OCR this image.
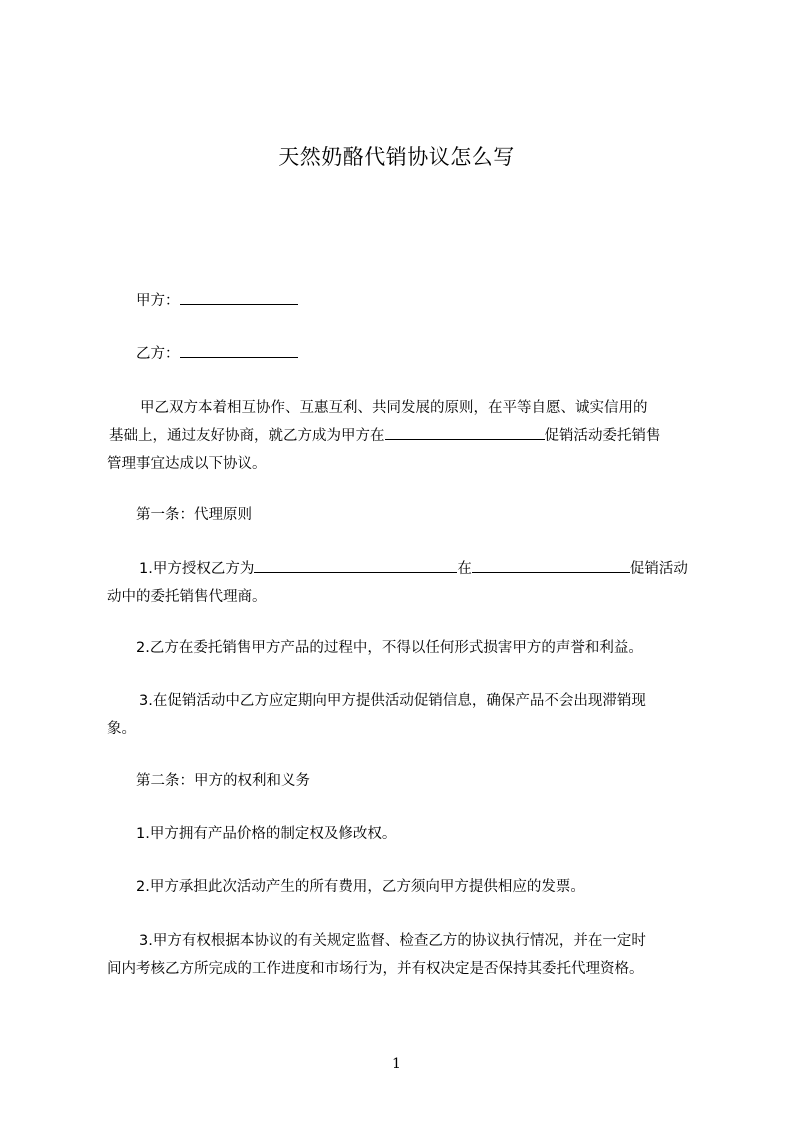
天然奶酪代销协议怎么写
甲方：
乙方：
甲乙双方本着相互协作、互惠互利、共同发展的原则，在平等自愿、诚实信用的
基础上，通过友好协商，就乙方成为甲方在	促销活动委托销售
管理事宜达成以下协议。
第一条：代理原则
1.甲方授权乙方为	在	促销活动
动中的委托销售代理商。
2.乙方在委托销售甲方产品的过程中，不得以任何形式损害甲方的声誉和利益。
3.在促销活动中乙方应定期向甲方提供活动促销信息，确保产品不会出现滞销现
象。
第二条：甲方的权利和义务
1.甲方拥有产品价格的制定权及修改权。
2.甲方承担此次活动产生的所有费用，乙方须向甲方提供相应的发票。
3.甲方有权根据本协议的有关规定监督、检查乙方的协议执行情况，并在一定时
间内考核乙方所完成的工作进度和市场行为，并有权决定是否保持其委托代理资格。
1
